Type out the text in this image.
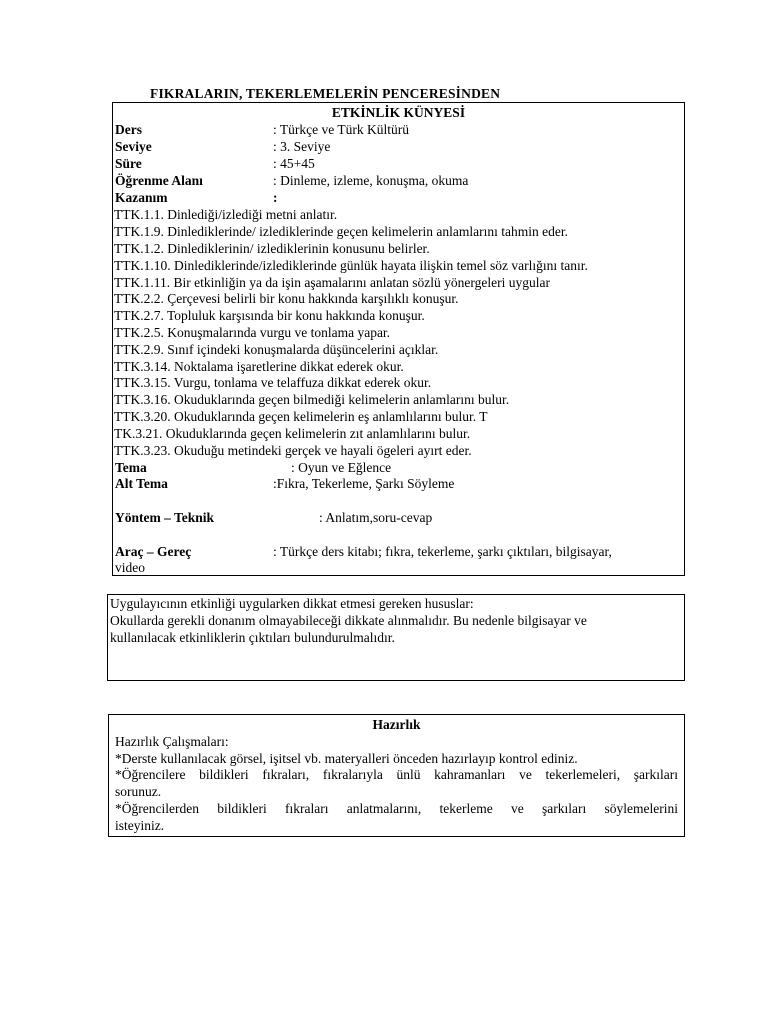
FIKRALARIN, TEKERLEMELERİN PENCERESİNDEN
ETKİNLİK KÜNYESİ
Ders	: Türkçe ve Türk Kültürü
Seviye	: 3. Seviye
Süre	: 45+45
Öğrenme Alanı	: Dinleme, izleme, konuşma, okuma
Kazanım	:
TTK.1.1. Dinlediği/izlediği metni anlatır.
TTK.1.9. Dinlediklerinde/ izlediklerinde geçen kelimelerin anlamlarını tahmin eder.
TTK.1.2. Dinlediklerinin/ izlediklerinin konusunu belirler.
TTK.1.10. Dinlediklerinde/izlediklerinde günlük hayata ilişkin temel söz varlığını tanır.
TTK.1.11. Bir etkinliğin ya da işin aşamalarını anlatan sözlü yönergeleri uygular
TTK.2.2. Çerçevesi belirli bir konu hakkında karşılıklı konuşur.
TTK.2.7. Topluluk karşısında bir konu hakkında konuşur.
TTK.2.5. Konuşmalarında vurgu ve tonlama yapar.
TTK.2.9. Sınıf içindeki konuşmalarda düşüncelerini açıklar.
TTK.3.14. Noktalama işaretlerine dikkat ederek okur.
TTK.3.15. Vurgu, tonlama ve telaffuza dikkat ederek okur.
TTK.3.16. Okuduklarında geçen bilmediği kelimelerin anlamlarını bulur.
TTK.3.20. Okuduklarında geçen kelimelerin eş anlamlılarını bulur. T
TK.3.21. Okuduklarında geçen kelimelerin zıt anlamlılarını bulur.
TTK.3.23. Okuduğu metindeki gerçek ve hayali ögeleri ayırt eder.
Tema	: Oyun ve Eğlence
Alt Tema	:Fıkra, Tekerleme, Şarkı Söyleme
Yöntem – Teknik	: Anlatım,soru-cevap
Araç – Gereç	: Türkçe ders kitabı; fıkra, tekerleme, şarkı çıktıları, bilgisayar,
video
Uygulayıcının etkinliği uygularken dikkat etmesi gereken hususlar:
Okullarda gerekli donanım olmayabileceği dikkate alınmalıdır. Bu nedenle bilgisayar ve
kullanılacak etkinliklerin çıktıları bulundurulmalıdır.
Hazırlık
Hazırlık Çalışmaları:
*Derste kullanılacak görsel, işitsel vb. materyalleri önceden hazırlayıp kontrol ediniz.
*Öğrencilere bildikleri fıkraları, fıkralarıyla ünlü kahramanları ve tekerlemeleri, şarkıları
sorunuz.
*Öğrencilerden bildikleri fıkraları anlatmalarını, tekerleme ve şarkıları söylemelerini
isteyiniz.
